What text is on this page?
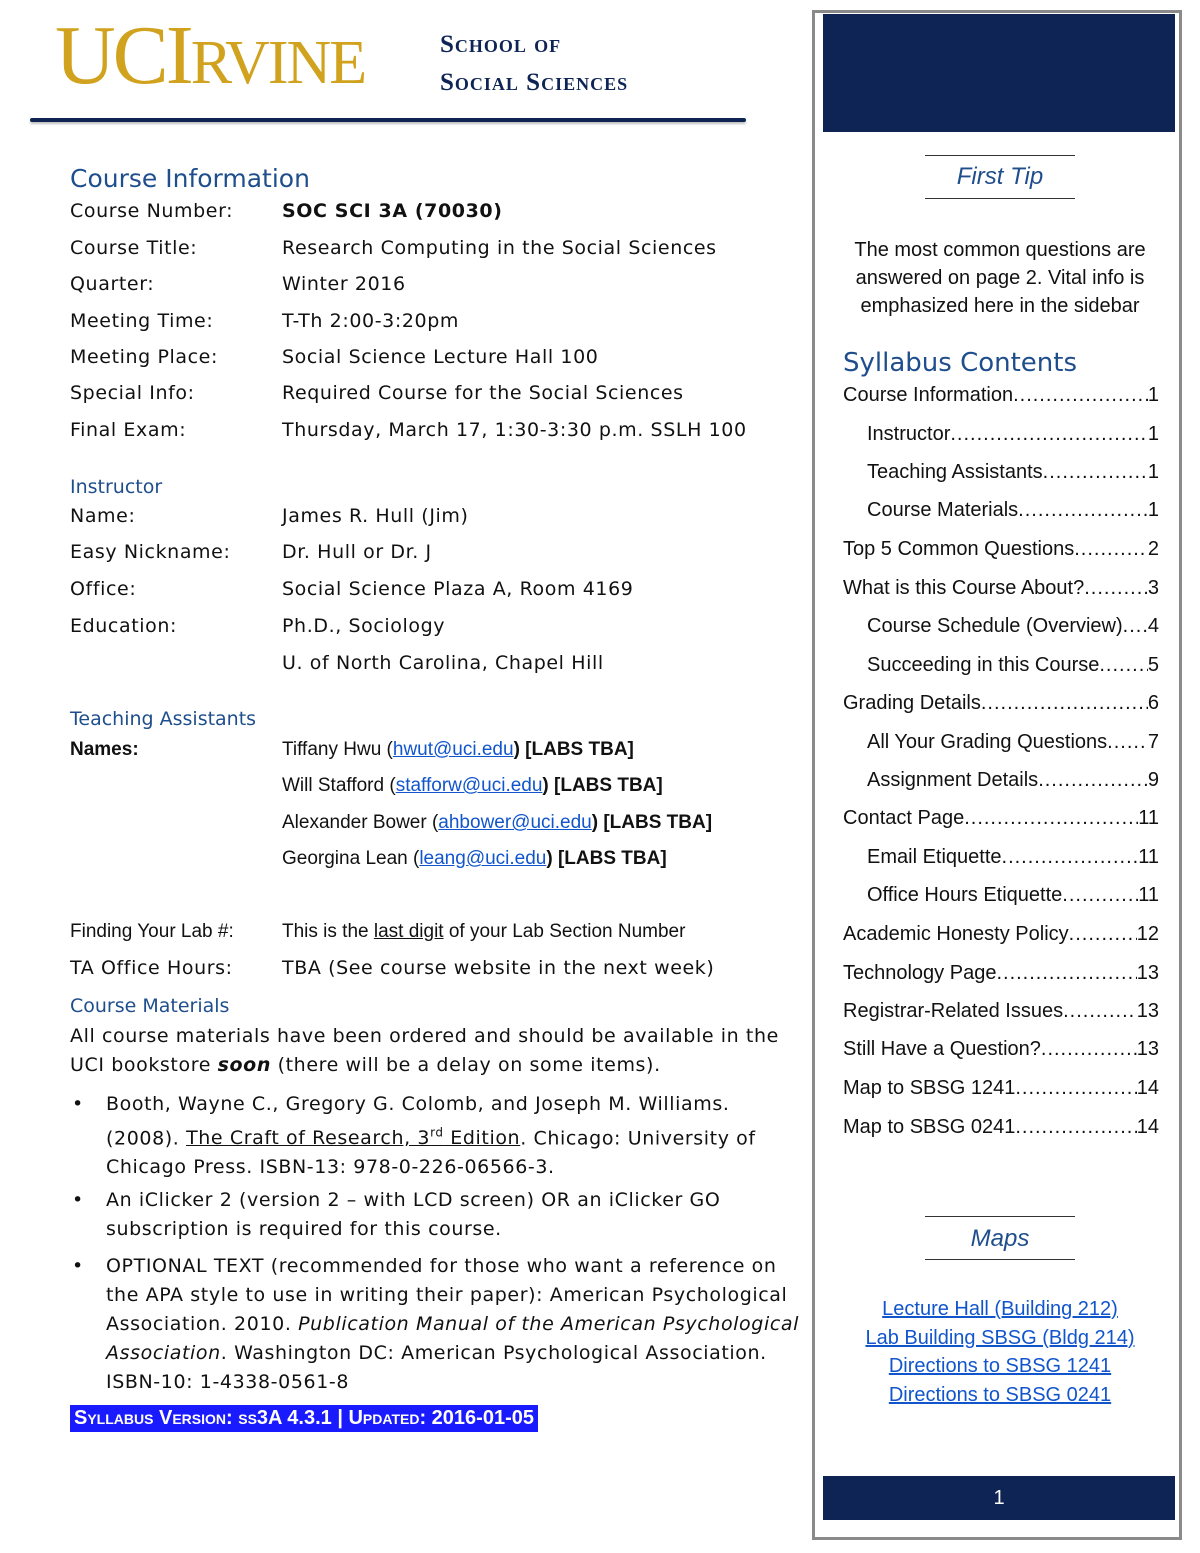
UCIRVINE	School of
Social Sciences
Course Information
Course Number:	SOC SCI 3A (70030)
Course Title:	Research Computing in the Social Sciences
Quarter:	Winter 2016
Meeting Time:	T-Th 2:00-3:20pm
Meeting Place:	Social Science Lecture Hall 100
Special Info:	Required Course for the Social Sciences
Final Exam:	Thursday, March 17, 1:30-3:30 p.m. SSLH 100
Instructor
Name:	James R. Hull (Jim)
Easy Nickname:	Dr. Hull or Dr. J
Office:	Social Science Plaza A, Room 4169
Education:	Ph.D., Sociology
U. of North Carolina, Chapel Hill
Teaching Assistants
Names:	Tiffany Hwu (hwut@uci.edu) [LABS TBA]
Will Stafford (stafforw@uci.edu) [LABS TBA]
Alexander Bower (ahbower@uci.edu) [LABS TBA]
Georgina Lean (leang@uci.edu) [LABS TBA]
Finding Your Lab #:	This is the last digit of your Lab Section Number
TA Office Hours:	TBA (See course website in the next week)
Course Materials
All course materials have been ordered and should be available in the UCI bookstore soon (there will be a delay on some items).
• Booth, Wayne C., Gregory G. Colomb, and Joseph M. Williams. (2008). The Craft of Research, 3rd Edition. Chicago: University of Chicago Press. ISBN-13: 978-0-226-06566-3.
• An iClicker 2 (version 2 – with LCD screen) OR an iClicker GO subscription is required for this course.
• OPTIONAL TEXT (recommended for those who want a reference on the APA style to use in writing their paper): American Psychological Association. 2010. Publication Manual of the American Psychological Association. Washington DC: American Psychological Association. ISBN-10: 1-4338-0561-8
Syllabus Version: ss3A 4.3.1 | Updated: 2016-01-05
First Tip
The most common questions are answered on page 2. Vital info is emphasized here in the sidebar
Syllabus Contents
Course Information .....	1
Instructor .....	1
Teaching Assistants .....	1
Course Materials .....	1
Top 5 Common Questions .....	2
What is this Course About? .....	3
Course Schedule (Overview) ..... 4
Succeeding in this Course ..... 5
Grading Details .....	6
All Your Grading Questions ..... 7
Assignment Details .....	9
Contact Page .....	11
Email Etiquette .....	11
Office Hours Etiquette .....	11
Academic Honesty Policy .....	12
Technology Page .....	13
Registrar-Related Issues .....	13
Still Have a Question? .....	13
Map to SBSG 1241 .....	14
Map to SBSG 0241 .....	14
Maps
Lecture Hall (Building 212)
Lab Building SBSG (Bldg 214)
Directions to SBSG 1241
Directions to SBSG 0241
1
